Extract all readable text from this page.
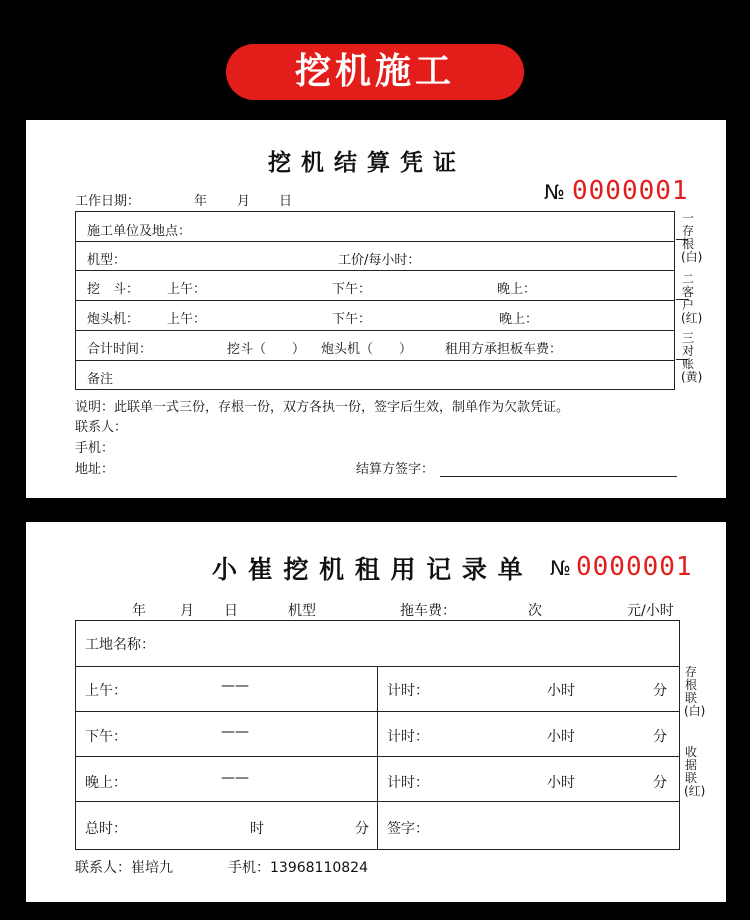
挖机施工
挖 机 结 算 凭 证
工作日期：	年 月 日	№ 0000001
施工单位及地点：
机型：	工价/每小时：
挖　斗： 上午：	下午：	晚上：
炮头机： 上午：	下午：	晚上：
合计时间：	挖斗（　　） 炮头机（　　）	租用方承担板车费：
备注
一存根(白)
二客户(红)
三对账(黄)
说明：此联单一式三份，存根一份，双方各执一份，签字后生效，制单作为欠款凭证。
联系人：
手机：
地址：	结算方签字：
小 崔 挖 机 租 用 记 录 单 № 0000001
年 月 日	机型	拖车费：	次	元/小时
工地名称：
上午：	——	计时：	小时	分
下午：	——	计时：	小时	分
晚上：	——	计时：	小时	分
总时：	时	分 签字：
存根联(白)
收据联(红)
联系人：崔培九	手机：13968110824
